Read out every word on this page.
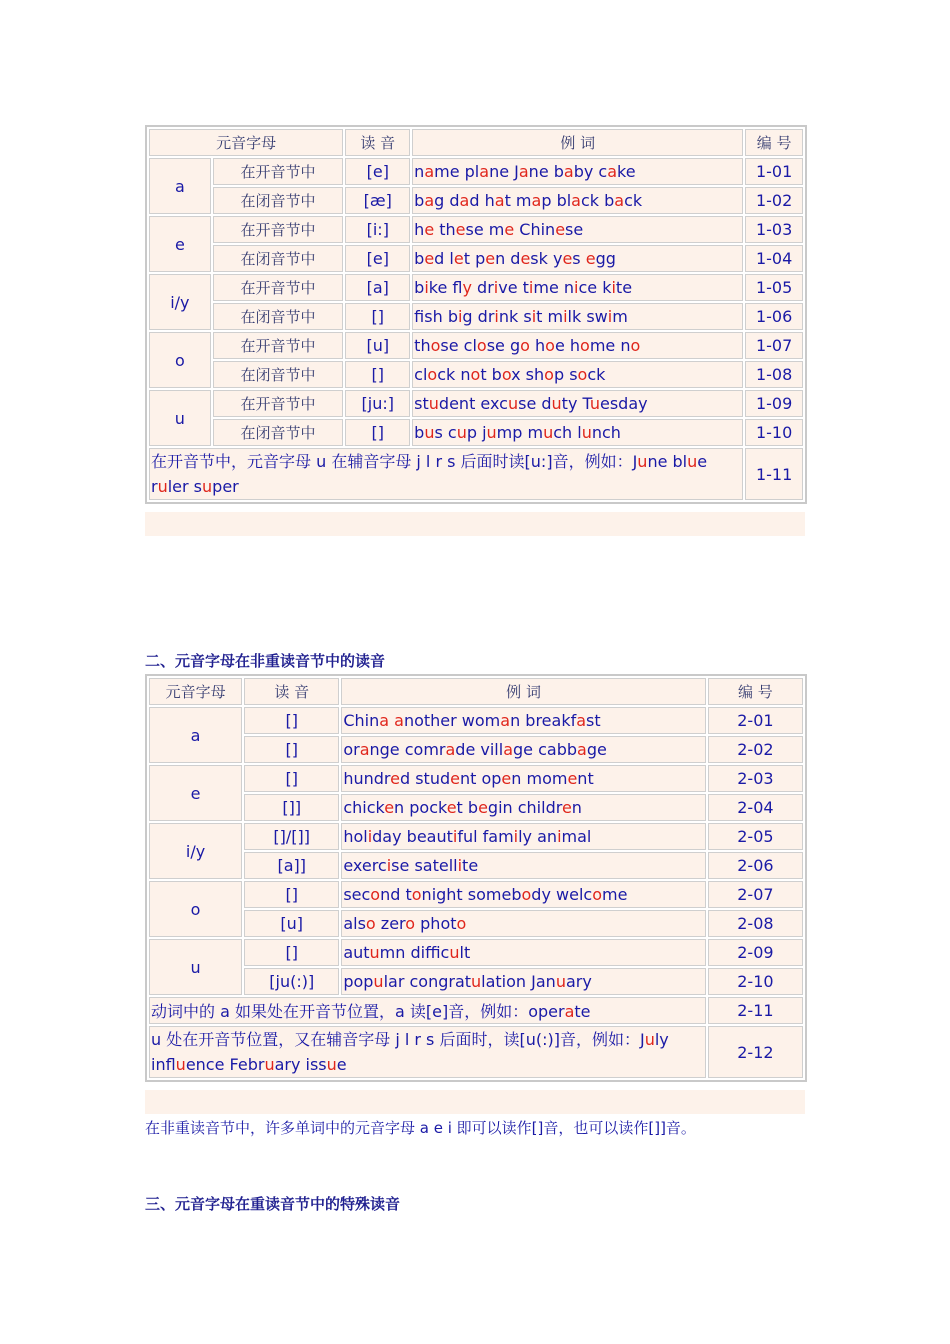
元音字母		读 音	例 词	编 号
a	在开音节中	[e]	name plane Jane baby cake	1-01
	在闭音节中	[æ]	bag dad hat map black back	1-02
e	在开音节中	[i:]	he these me Chinese	1-03
	在闭音节中	[e]	bed let pen desk yes egg	1-04
i/y	在开音节中	[a]	bike fly drive time nice kite	1-05
	在闭音节中	[]	fsh big drink sit milk swim	1-06
o	在开音节中	[u]	those close go hoe home no	1-07
	在闭音节中	[]	clock not box shop sock	1-08
u	在开音节中	[ju:]	student excuse duty Tuesday	1-09
	在闭音节中	[]	bus cup jump much lunch	1-10
在开音节中，元音字母 u 在辅音字母 j l r s 后面时读[u:]音，例如：June blue ruler super				1-11
二、元音字母在非重读音节中的读音
元音字母	读 音	例 词	编 号
a	[]	China another woman breakfast	2-01
	[]	orange comrade village cabbage	2-02
e	[]	hundred student open moment	2-03
	[]]	chicken pocket begin children	2-04
i/y	[]/[]]	holiday beautiful family animal	2-05
	[a]]	exercise satellite	2-06
o	[]	second tonight somebody welcome	2-07
	[u]	also zero photo	2-08
u	[]	autumn difficult	2-09
	[ju(:)]	popular congratulation January	2-10
动词中的 a 如果处在开音节位置，a 读[e]音，例如：operate			2-11
u 处在开音节位置，又在辅音字母 j l r s 后面时，读[u(:)]音，例如：July influence February issue			2-12
在非重读音节中，许多单词中的元音字母 a e i 即可以读作[]音，也可以读作[]]音。
三、元音字母在重读音节中的特殊读音
